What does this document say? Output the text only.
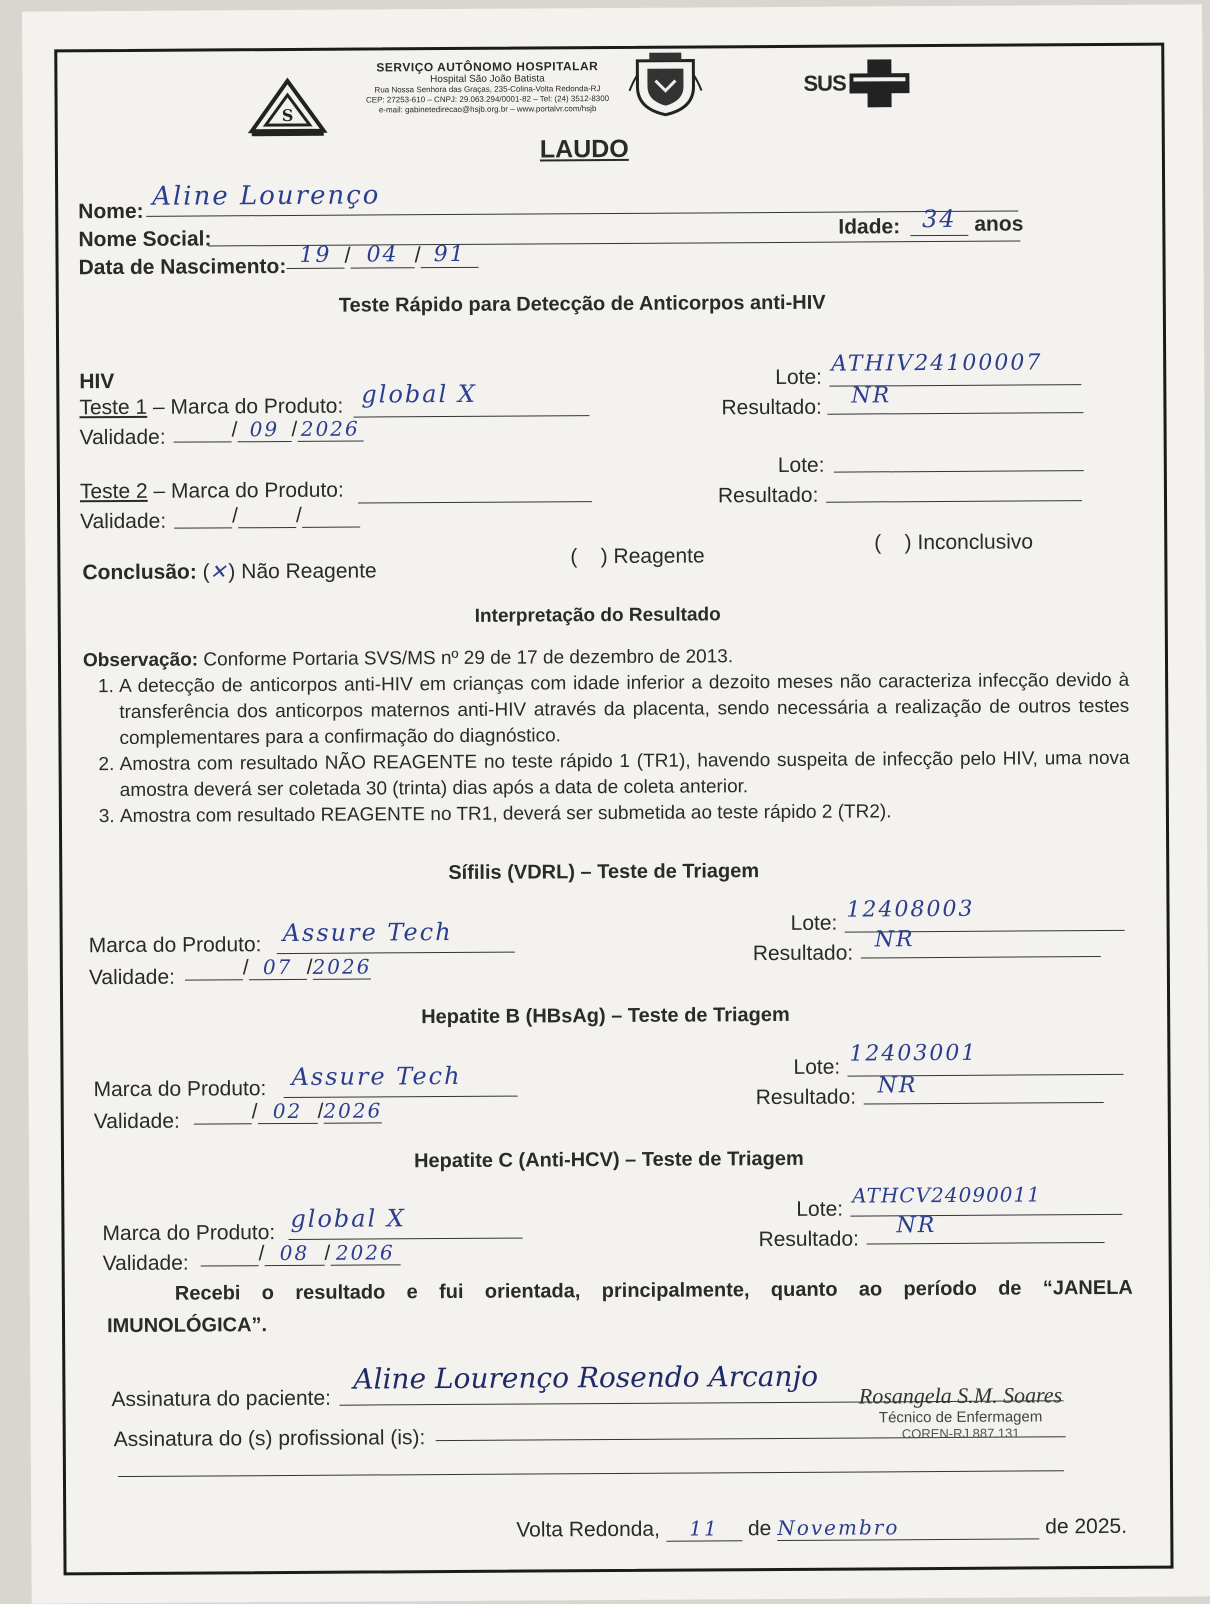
S
SERVIÇO AUTÔNOMO HOSPITALAR
Hospital São João Batista
Rua Nossa Senhora das Graças, 235-Colina-Volta Redonda-RJ
CEP: 27253-610 – CNPJ: 29.063.294/0001-82 – Tel: (24) 3512-8300
e-mail: gabinetedirecao@hsjb.org.br – www.portalvr.com/hsjb
SUS
LAUDO
Nome: Aline Lourenço
Nome Social:
Idade: 34 anos
Data de Nascimento: 19 / 04 / 91
Teste Rápido para Detecção de Anticorpos anti-HIV
HIV
Teste 1 – Marca do Produto: global X
Validade:	/ 09 / 2026
Lote:
ATHIV24100007
Resultado: NR
Teste 2 – Marca do Produto:
Validade:	/	/
Lote:
Resultado:
Conclusão: (✕) Não Reagente
(    ) Reagente
(    ) Inconclusivo
Interpretação do Resultado
Observação: Conforme Portaria SVS/MS nº 29 de 17 de dezembro de 2013.
1. A detecção de anticorpos anti-HIV em crianças com idade inferior a dezoito meses não caracteriza infecção devido à transferência dos anticorpos maternos anti-HIV através da placenta, sendo necessária a realização de outros testes complementares para a confirmação do diagnóstico.
2. Amostra com resultado NÃO REAGENTE no teste rápido 1 (TR1), havendo suspeita de infecção pelo HIV, uma nova amostra deverá ser coletada 30 (trinta) dias após a data de coleta anterior.
3. Amostra com resultado REAGENTE no TR1, deverá ser submetida ao teste rápido 2 (TR2).
Sífilis (VDRL) – Teste de Triagem
Marca do Produto: Assure Tech
Validade:	/ 07 / 2026
Lote:
12408003
Resultado:
NR
Hepatite B (HBsAg) – Teste de Triagem
Marca do Produto: Assure Tech
Validade:	/ 02 / 2026
Lote:
12403001
Resultado: NR
Hepatite C (Anti-HCV) – Teste de Triagem
Marca do Produto:
global X
Validade:	/ 08 / 2026
Lote:
ATHCV24090011
Resultado:
NR
Recebi o resultado e fui orientada, principalmente, quanto ao período de “JANELA IMUNOLÓGICA”.
Assinatura do paciente:
Aline Lourenço Rosendo Arcanjo
Assinatura do (s) profissional (is):
Rosangela S.M. Soares
Técnico de Enfermagem
COREN-RJ 887.131
Volta Redonda,	11	de Novembro	de 2025.
